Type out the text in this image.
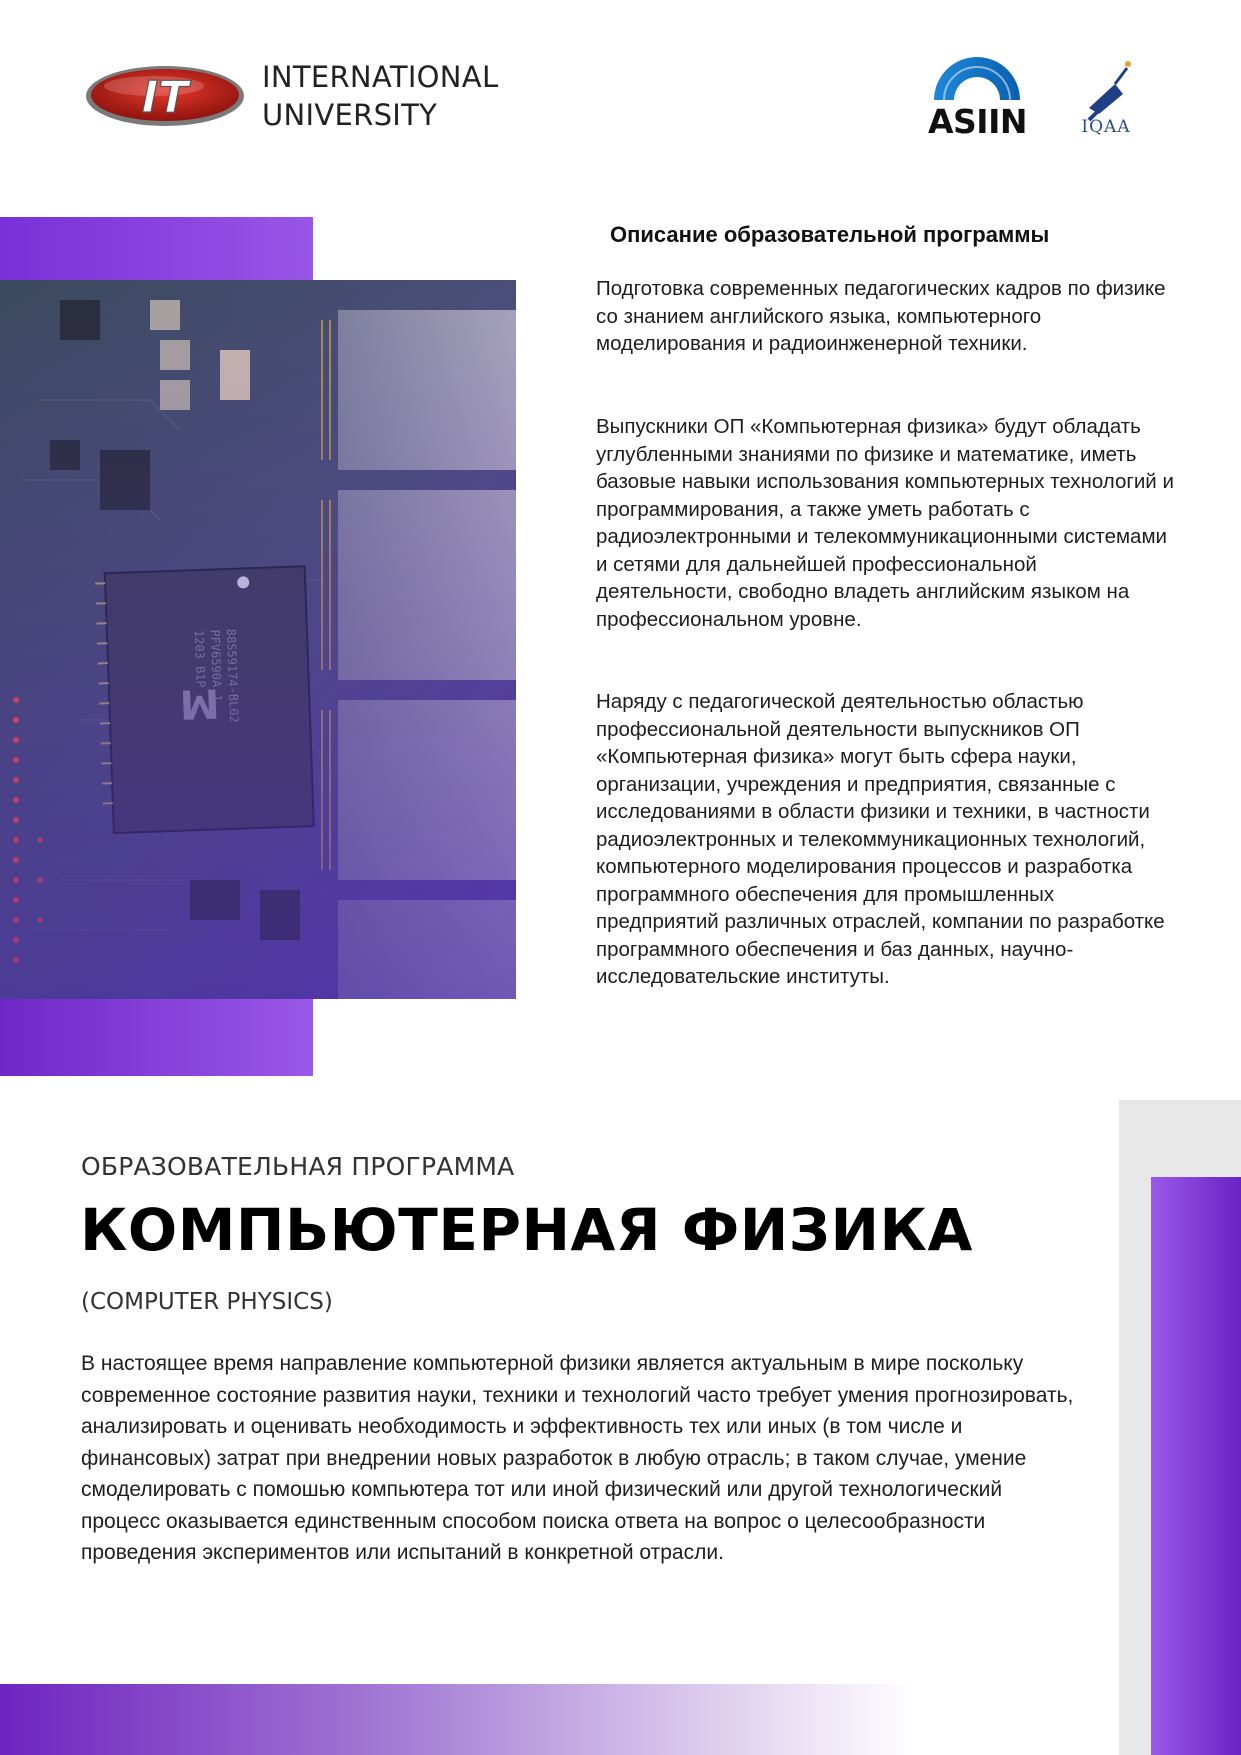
IT	INTERNATIONAL
UNIVERSITY	ASIIN	IQAA
Описание образовательной программы

Подготовка современных педагогических кадров по физике со знанием английского языка, компьютерного моделирования и радиоинженерной техники.

Выпускники ОП «Компьютерная физика» будут обладать углубленными знаниями по физике и математике, иметь базовые навыки использования компьютерных технологий и программирования, а также уметь работать с радиоэлектронными и телекоммуникационными системами и сетями для дальнейшей профессиональной деятельности, свободно владеть английским языком на профессиональном уровне.

Наряду с педагогической деятельностью областью профессиональной деятельности выпускников ОП «Компьютерная физика» могут быть сфера науки, организации, учреждения и предприятия, связанные с исследованиями в области физики и техники, в частности радиоэлектронных и телекоммуникационных технологий, компьютерного моделирования процессов и разработка программного обеспечения для промышленных предприятий различных отраслей, компании по разработке программного обеспечения и баз данных, научно-исследовательские институты.

ОБРАЗОВАТЕЛЬНАЯ ПРОГРАММА
КОМПЬЮТЕРНАЯ ФИЗИКА
(COMPUTER PHYSICS)

В настоящее время направление компьютерной физики является актуальным в мире поскольку современное состояние развития науки, техники и технологий часто требует умения прогнозировать, анализировать и оценивать необходимость и эффективность тех или иных (в том числе и финансовых) затрат при внедрении новых разработок в любую отрасль; в таком случае, умение смоделировать с помошью компьютера тот или иной физический или другой технологический процесс оказывается единственным способом поиска ответа на вопрос о целесообразности проведения экспериментов или испытаний в конкретной отрасли.
